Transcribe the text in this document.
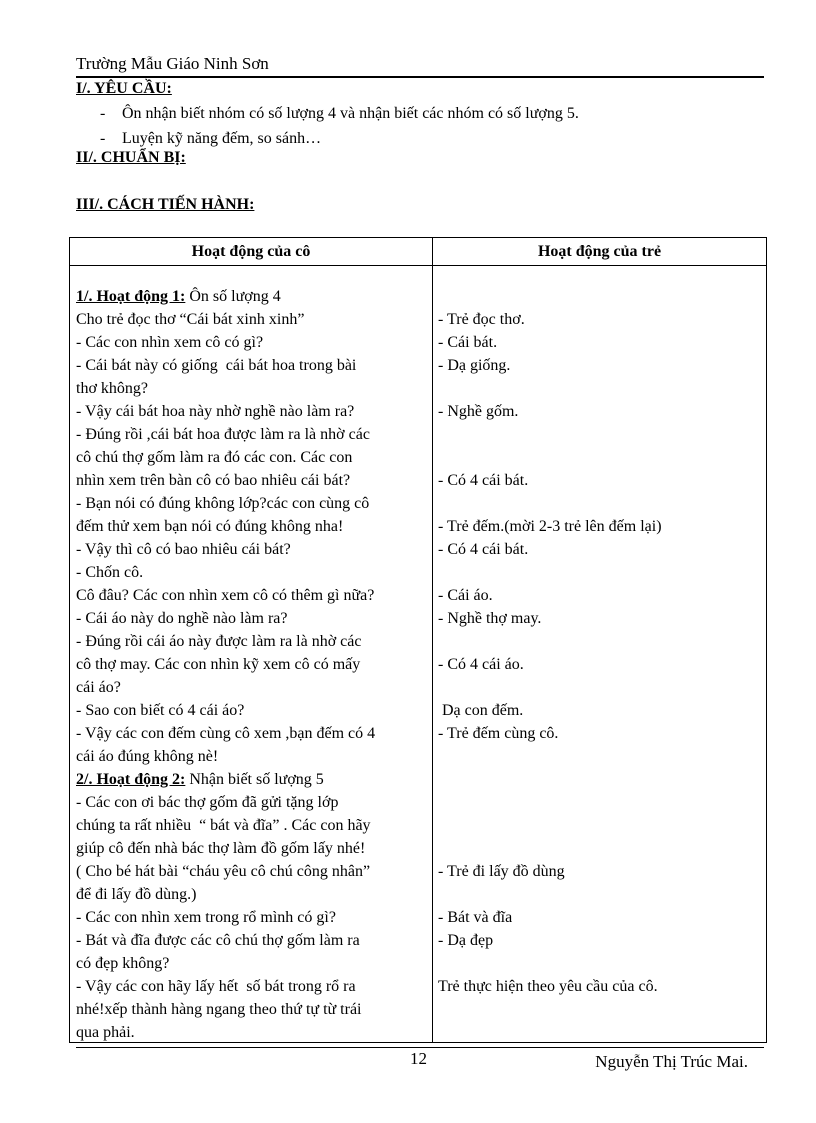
Trường Mẫu Giáo Ninh Sơn
I/. YÊU CẦU:
- Ôn nhận biết nhóm có số lượng 4 và nhận biết các nhóm có số lượng 5.
- Luyện kỹ năng đếm, so sánh…
II/. CHUẨN BỊ:
III/. CÁCH TIẾN HÀNH:
Hoạt động của cô	Hoạt động của trẻ
1/. Hoạt động 1: Ôn số lượng 4
Cho trẻ đọc thơ “Cái bát xinh xinh”
- Các con nhìn xem cô có gì?
- Cái bát này có giống  cái bát hoa trong bài
thơ không?
- Vậy cái bát hoa này nhờ nghề nào làm ra?
- Đúng rồi ,cái bát hoa được làm ra là nhờ các
cô chú thợ gốm làm ra đó các con. Các con
nhìn xem trên bàn cô có bao nhiêu cái bát?
- Bạn nói có đúng không lớp?các con cùng cô
đếm thử xem bạn nói có đúng không nha!
- Vậy thì cô có bao nhiêu cái bát?
- Chốn cô.
Cô đâu? Các con nhìn xem cô có thêm gì nữa?
- Cái áo này do nghề nào làm ra?
- Đúng rồi cái áo này được làm ra là nhờ các
cô thợ may. Các con nhìn kỹ xem cô có mấy
cái áo?
- Sao con biết có 4 cái áo?
- Vậy các con đếm cùng cô xem ,bạn đếm có 4
cái áo đúng không nè!
2/. Hoạt động 2: Nhận biết số lượng 5
- Các con ơi bác thợ gốm đã gửi tặng lớp
chúng ta rất nhiều  “ bát và đĩa” . Các con hãy
giúp cô đến nhà bác thợ làm đồ gốm lấy nhé!
( Cho bé hát bài “cháu yêu cô chú công nhân”
để đi lấy đồ dùng.)
- Các con nhìn xem trong rổ mình có gì?
- Bát và đĩa được các cô chú thợ gốm làm ra
có đẹp không?
- Vậy các con hãy lấy hết  số bát trong rổ ra
nhé!xếp thành hàng ngang theo thứ tự từ trái
qua phải.
- Trẻ đọc thơ.
- Cái bát.
- Dạ giống.
- Nghề gốm.
- Có 4 cái bát.
- Trẻ đếm.(mời 2-3 trẻ lên đếm lại)
- Có 4 cái bát.
- Cái áo.
- Nghề thợ may.
- Có 4 cái áo.
Dạ con đếm.
- Trẻ đếm cùng cô.
- Trẻ đi lấy đồ dùng
- Bát và đĩa
- Dạ đẹp
Trẻ thực hiện theo yêu cầu của cô.
12	Nguyễn Thị Trúc Mai.
